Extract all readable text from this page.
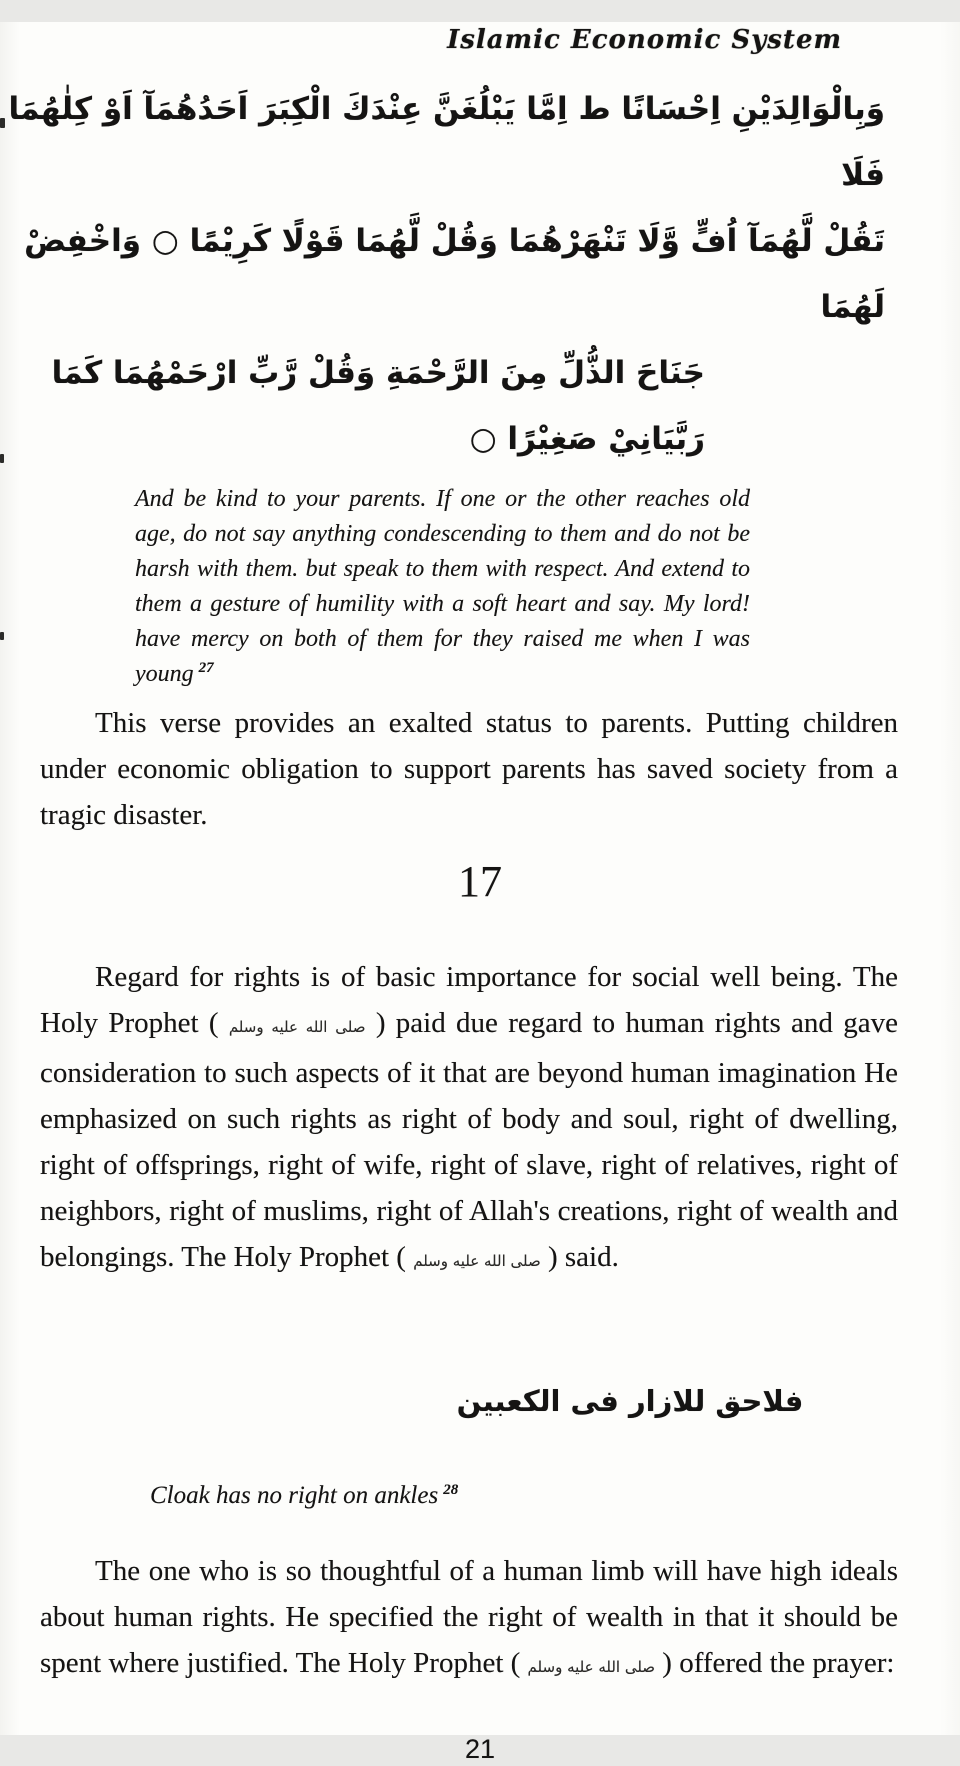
Islamic Economic System
وَبِالْوَالِدَيْنِ اِحْسَانًا ط اِمَّا يَبْلُغَنَّ عِنْدَكَ الْكِبَرَ اَحَدُهُمَآ اَوْ كِلٰهُمَا فَلَا
تَقُلْ لَّهُمَآ اُفٍّ وَّلَا تَنْهَرْهُمَا وَقُلْ لَّهُمَا قَوْلًا كَرِيْمًا ○ وَاخْفِضْ لَهُمَا
جَنَاحَ الذُّلِّ مِنَ الرَّحْمَةِ وَقُلْ رَّبِّ ارْحَمْهُمَا كَمَا رَبَّيَانِيْ صَغِيْرًا ○
And be kind to your parents. If one or the other reaches old age, do not say anything condescending to them and do not be harsh with them. but speak to them with respect. And extend to them a gesture of humility with a soft heart and say. My lord! have mercy on both of them for they raised me when I was young $^{27}$

This verse provides an exalted status to parents. Putting children under economic obligation to support parents has saved society from a tragic disaster.

17

Regard for rights is of basic importance for social well being. The Holy Prophet ( صلى الله عليه وسلم ) paid due regard to human rights and gave consideration to such aspects of it that are beyond human imagination He emphasized on such rights as right of body and soul, right of dwelling, right of offsprings, right of wife, right of slave, right of relatives, right of neighbors, right of muslims, right of Allah's creations, right of wealth and belongings. The Holy Prophet ( صلى الله عليه وسلم ) said.

فلاحق للازار فى الكعبين
Cloak has no right on ankles $^{28}$

The one who is so thoughtful of a human limb will have high ideals about human rights. He specified the right of wealth in that it should be spent where justified. The Holy Prophet ( صلى الله عليه وسلم ) offered the prayer:

21
